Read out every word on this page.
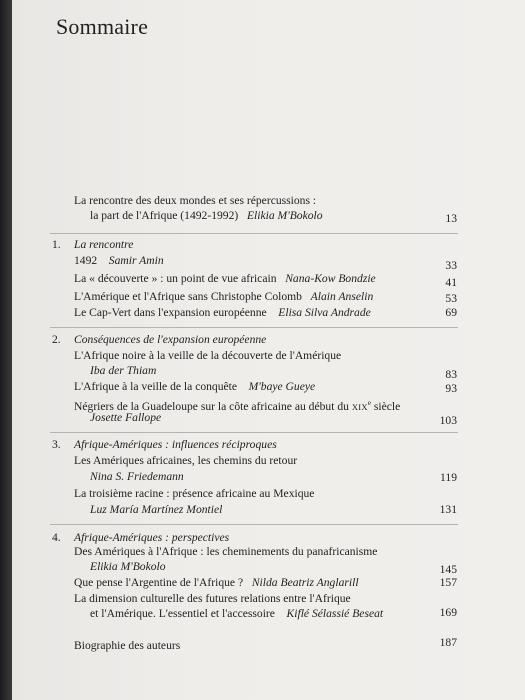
Sommaire
La rencontre des deux mondes et ses répercussions :
la part de l'Afrique (1492-1992) Elikia M'Bokolo	13
1. La rencontre
1492 Samir Amin	33
La « découverte » : un point de vue africain Nana-Kow Bondzie	41
L'Amérique et l'Afrique sans Christophe Colomb Alain Anselin	53
Le Cap-Vert dans l'expansion européenne Elisa Silva Andrade	69
2. Conséquences de l'expansion européenne
L'Afrique noire à la veille de la découverte de l'Amérique
Iba der Thiam	83
L'Afrique à la veille de la conquête M'baye Gueye	93
Négriers de la Guadeloupe sur la côte africaine au début du XIXe siècle
Josette Fallope	103
3. Afrique-Amériques : influences réciproques
Les Amériques africaines, les chemins du retour
Nina S. Friedemann	119
La troisième racine : présence africaine au Mexique
Luz María Martínez Montiel	131
4. Afrique-Amériques : perspectives
Des Amériques à l'Afrique : les cheminements du panafricanisme
Elikia M'Bokolo	145
Que pense l'Argentine de l'Afrique ? Nilda Beatriz Anglarill	157
La dimension culturelle des futures relations entre l'Afrique
et l'Amérique. L'essentiel et l'accessoire Kiflé Sélassié Beseat	169
Biographie des auteurs	187
